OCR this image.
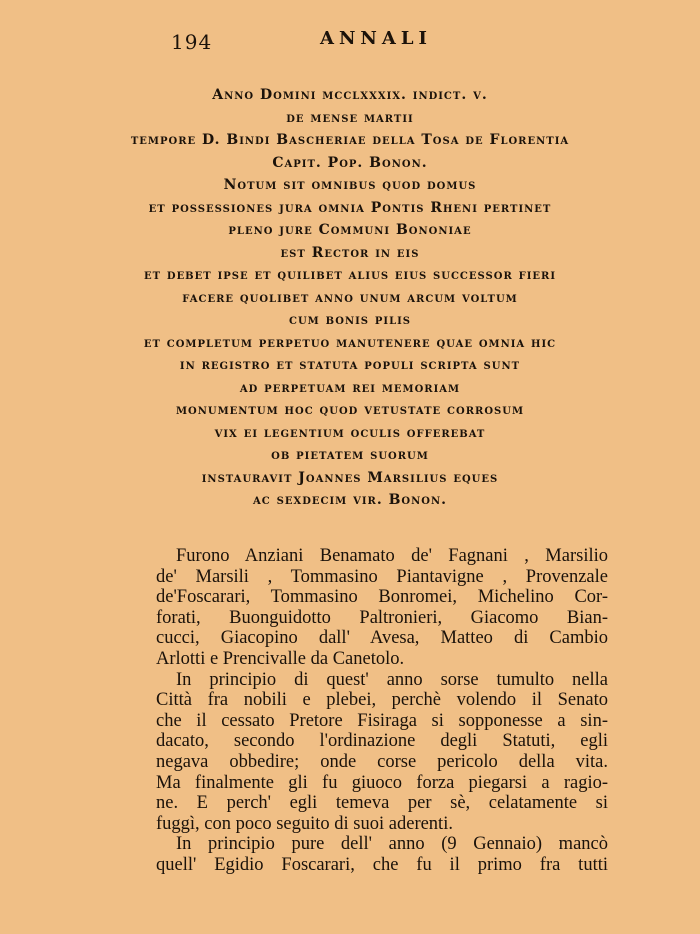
194	ANNALI
Anno Domini mcclxxxix. indict. v.
de mense martii
tempore D. Bindi Bascheriae della Tosa de Florentia
Capit. Pop. Bonon.
Notum sit omnibus quod domus
et possessiones jura omnia Pontis Rheni pertinet
pleno jure Communi Bononiae
est Rector in eis
et debet ipse et quilibet alius eius successor fieri
facere quolibet anno unum arcum voltum
cum bonis pilis
et completum perpetuo manutenere quae omnia hic
in registro et statuta populi scripta sunt
ad perpetuam rei memoriam
monumentum hoc quod vetustate corrosum
vix ei legentium oculis offerebat
ob pietatem suorum
instauravit Joannes Marsilius eques
ac sexdecim vir. Bonon.
Furono Anziani Benamato de' Fagnani , Marsilio
de' Marsili , Tommasino Piantavigne , Provenzale
de'Foscarari, Tommasino Bonromei, Michelino Cor-
forati, Buonguidotto Paltronieri, Giacomo Bian-
cucci, Giacopino dall' Avesa, Matteo di Cambio
Arlotti e Prencivalle da Canetolo.
In principio di quest' anno sorse tumulto nella
Città fra nobili e plebei, perchè volendo il Senato
che il cessato Pretore Fisiraga si sopponesse a sin-
dacato, secondo l'ordinazione degli Statuti, egli
negava obbedire; onde corse pericolo della vita.
Ma finalmente gli fu giuoco forza piegarsi a ragio-
ne. E perch' egli temeva per sè, celatamente si
fuggì, con poco seguito di suoi aderenti.
In principio pure dell' anno (9 Gennaio) mancò
quell' Egidio Foscarari, che fu il primo fra tutti
